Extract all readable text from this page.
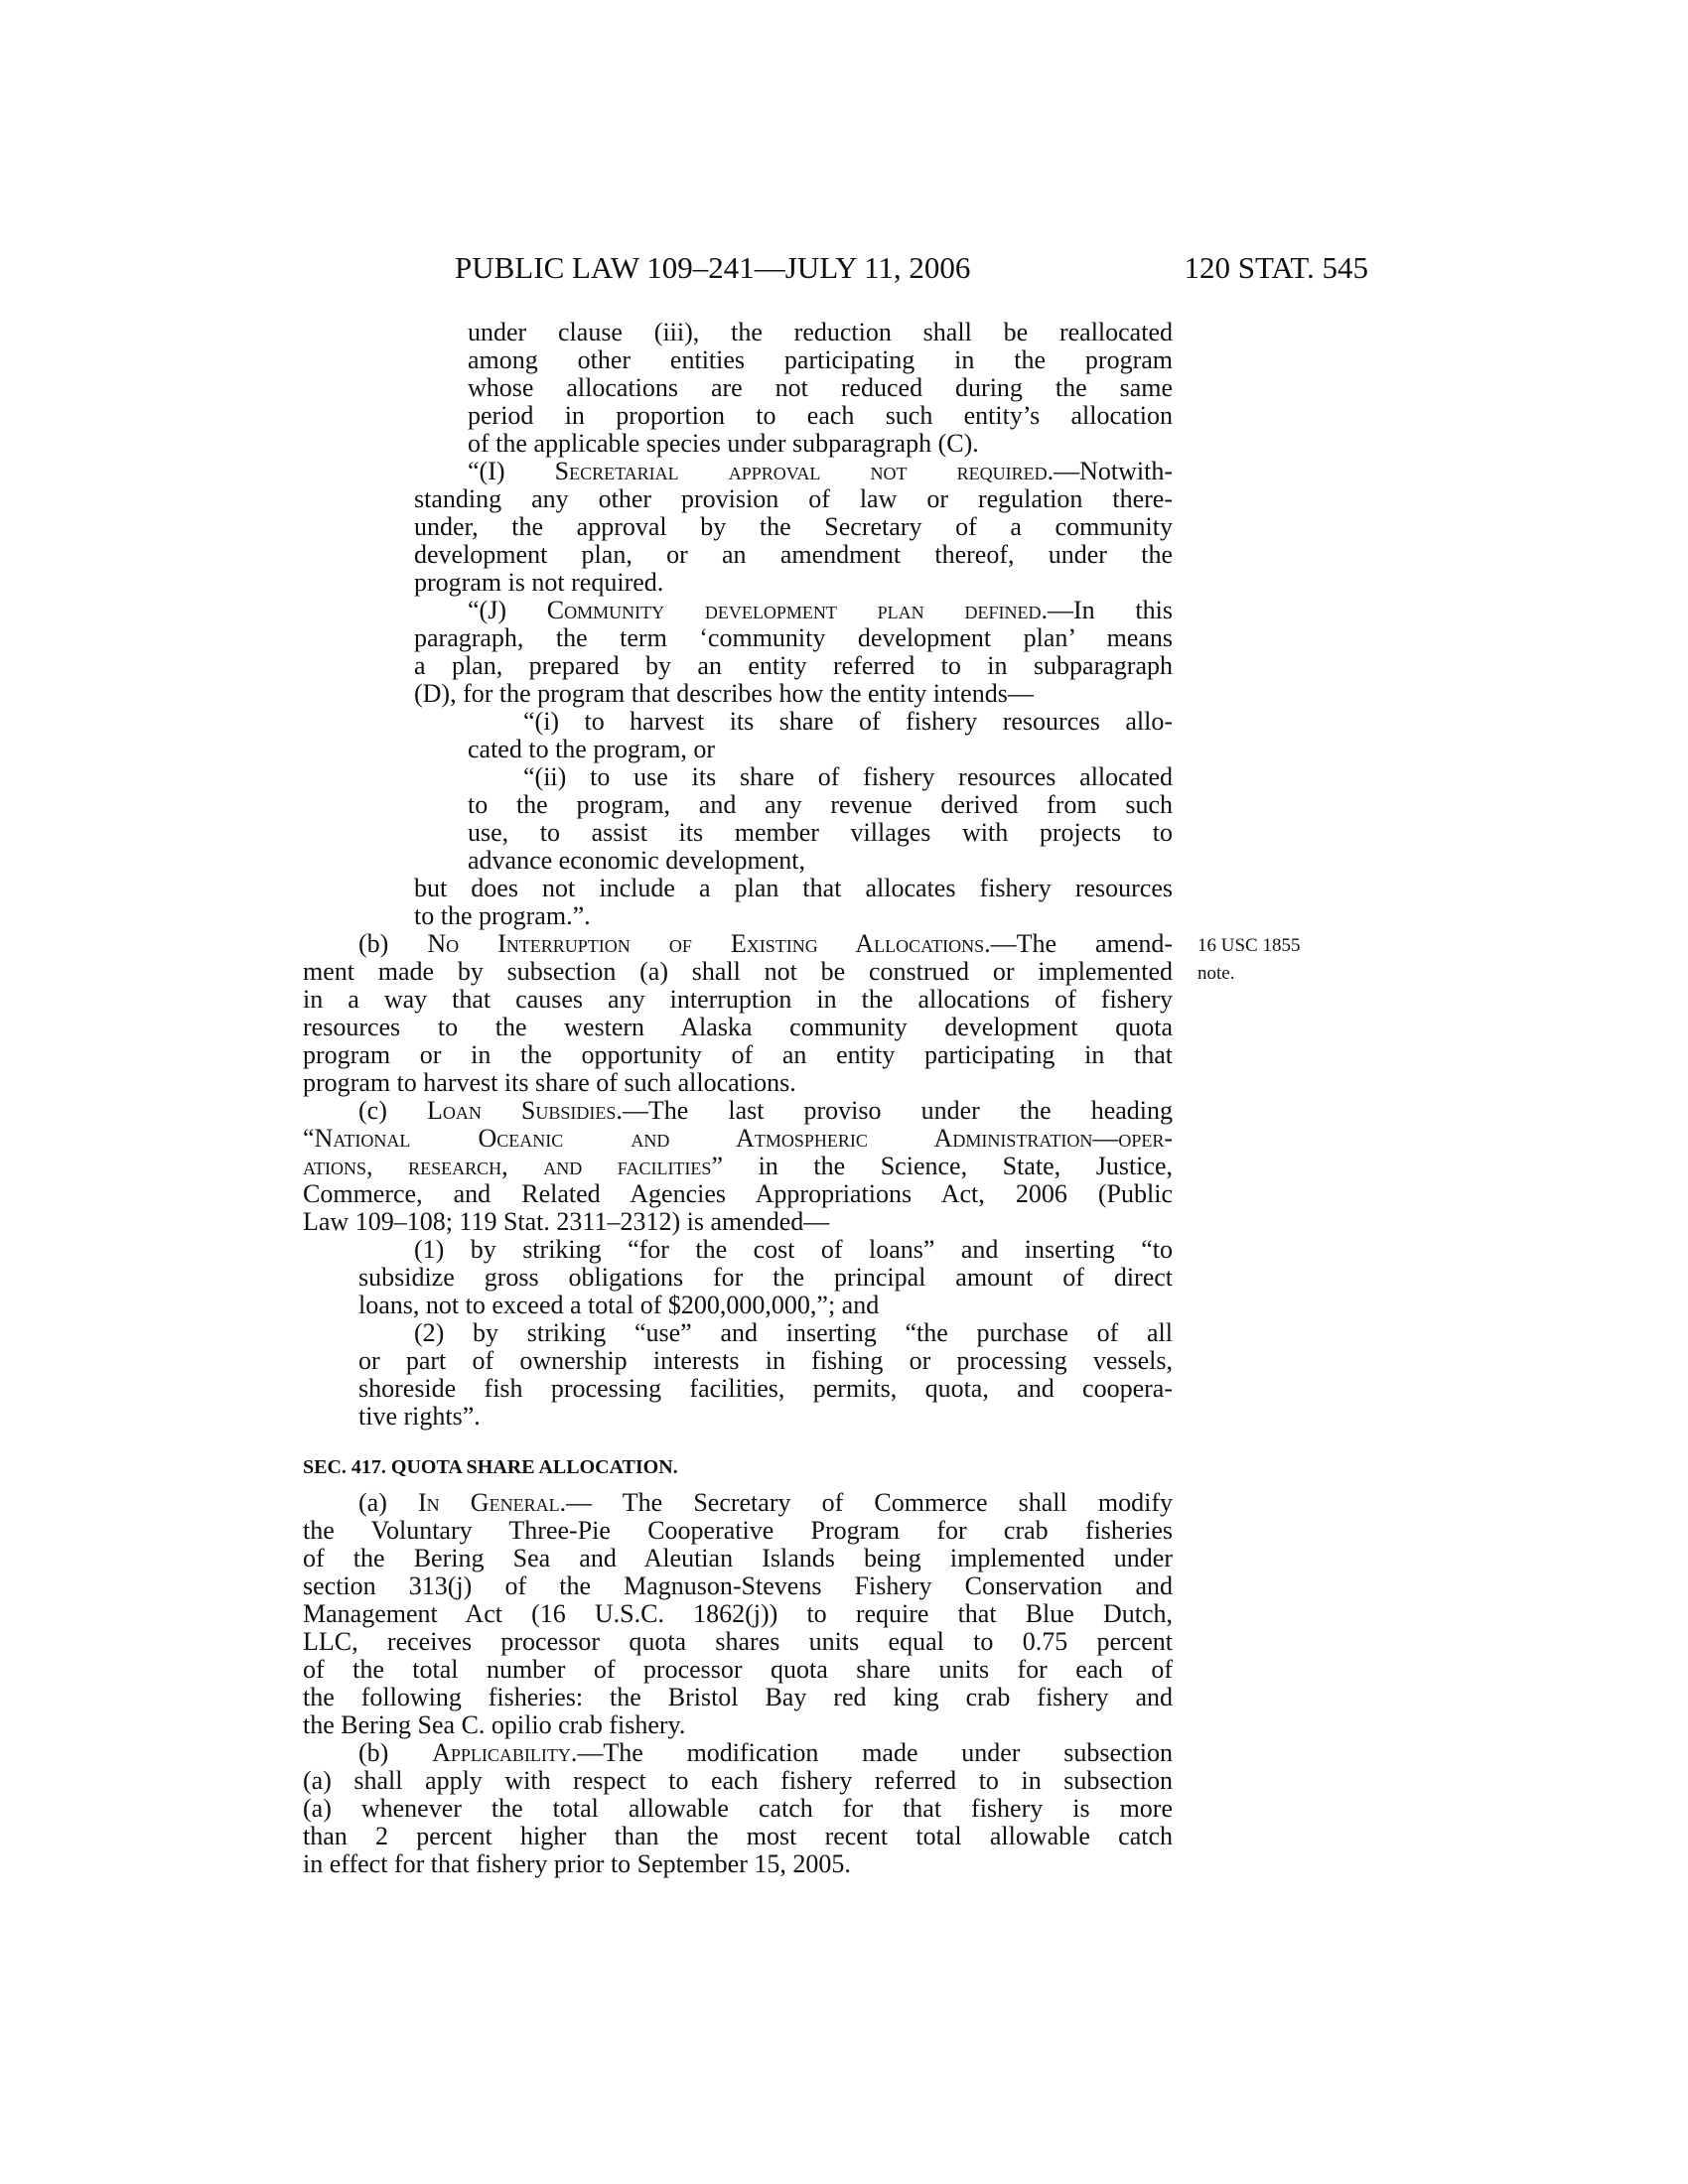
PUBLIC LAW 109–241—JULY 11, 2006	120 STAT. 545
16 USC 1855
note.
under clause (iii), the reduction shall be reallocated
among other entities participating in the program
whose allocations are not reduced during the same
period in proportion to each such entity’s allocation
of the applicable species under subparagraph (C).
“(I) Secretarial approval not required.—Notwith-
standing any other provision of law or regulation there-
under, the approval by the Secretary of a community
development plan, or an amendment thereof, under the
program is not required.
“(J) Community development plan defined.—In this
paragraph, the term ‘community development plan’ means
a plan, prepared by an entity referred to in subparagraph
(D), for the program that describes how the entity intends—
“(i) to harvest its share of fishery resources allo-
cated to the program, or
“(ii) to use its share of fishery resources allocated
to the program, and any revenue derived from such
use, to assist its member villages with projects to
advance economic development,
but does not include a plan that allocates fishery resources
to the program.”.
(b) No Interruption of Existing Allocations.—The amend-
ment made by subsection (a) shall not be construed or implemented
in a way that causes any interruption in the allocations of fishery
resources to the western Alaska community development quota
program or in the opportunity of an entity participating in that
program to harvest its share of such allocations.
(c) Loan Subsidies.—The last proviso under the heading
“National Oceanic and Atmospheric Administration—oper-
ations, research, and facilities” in the Science, State, Justice,
Commerce, and Related Agencies Appropriations Act, 2006 (Public
Law 109–108; 119 Stat. 2311–2312) is amended—
(1) by striking “for the cost of loans” and inserting “to
subsidize gross obligations for the principal amount of direct
loans, not to exceed a total of $200,000,000,”; and
(2) by striking “use” and inserting “the purchase of all
or part of ownership interests in fishing or processing vessels,
shoreside fish processing facilities, permits, quota, and coopera-
tive rights”.
SEC. 417. QUOTA SHARE ALLOCATION.
(a) In General.— The Secretary of Commerce shall modify
the Voluntary Three-Pie Cooperative Program for crab fisheries
of the Bering Sea and Aleutian Islands being implemented under
section 313(j) of the Magnuson-Stevens Fishery Conservation and
Management Act (16 U.S.C. 1862(j)) to require that Blue Dutch,
LLC, receives processor quota shares units equal to 0.75 percent
of the total number of processor quota share units for each of
the following fisheries: the Bristol Bay red king crab fishery and
the Bering Sea C. opilio crab fishery.
(b) Applicability.—The modification made under subsection
(a) shall apply with respect to each fishery referred to in subsection
(a) whenever the total allowable catch for that fishery is more
than 2 percent higher than the most recent total allowable catch
in effect for that fishery prior to September 15, 2005.
